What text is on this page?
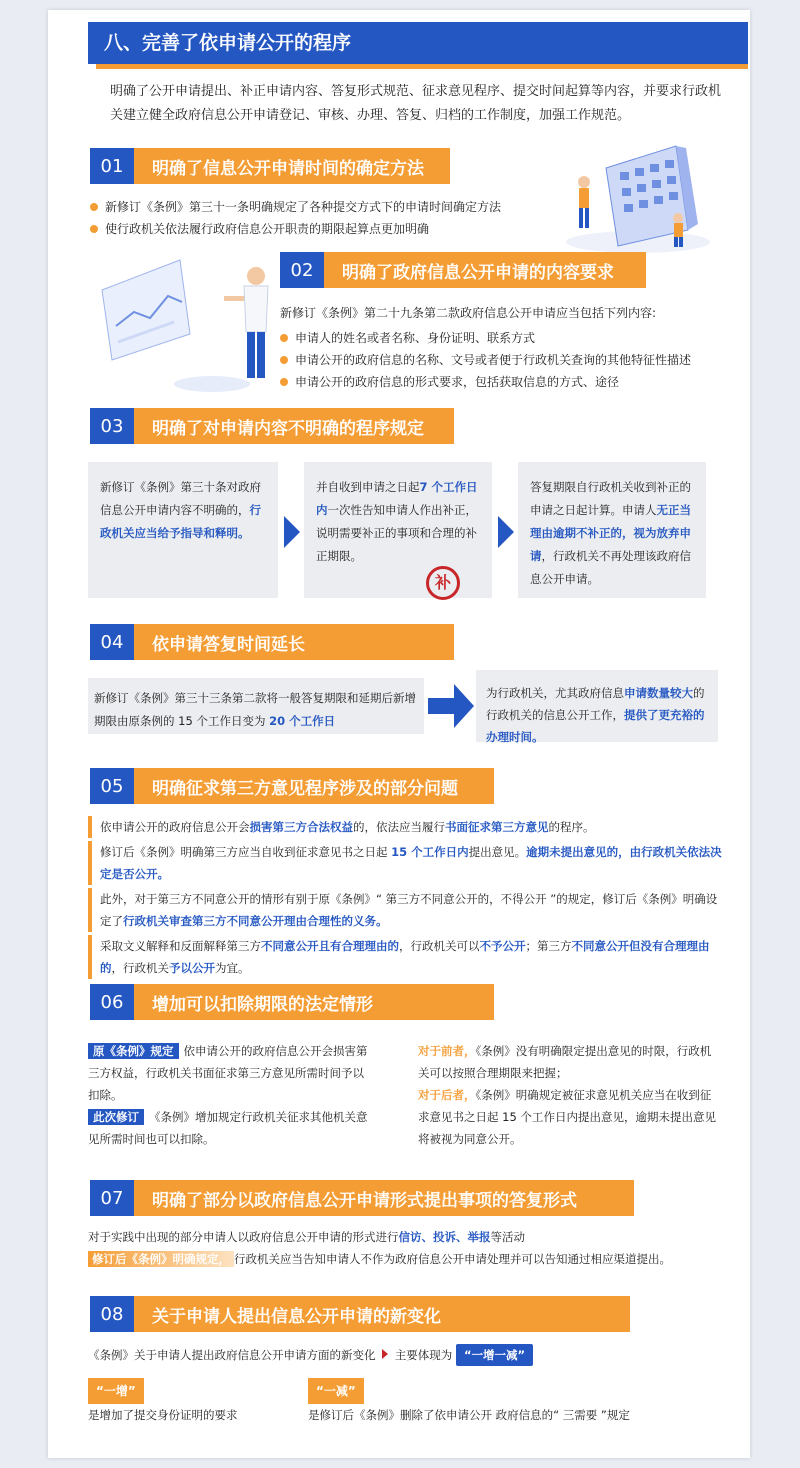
八、完善了依申请公开的程序
明确了公开申请提出、补正申请内容、答复形式规范、征求意见程序、提交时间起算等内容，并要求行政机关建立健全政府信息公开申请登记、审核、办理、答复、归档的工作制度，加强工作规范。
01	明确了信息公开申请时间的确定方法
新修订《条例》第三十一条明确规定了各种提交方式下的申请时间确定方法
使行政机关依法履行政府信息公开职责的期限起算点更加明确
02	明确了政府信息公开申请的内容要求
新修订《条例》第二十九条第二款政府信息公开申请应当包括下列内容:
申请人的姓名或者名称、身份证明、联系方式
申请公开的政府信息的名称、文号或者便于行政机关查询的其他特征性描述
申请公开的政府信息的形式要求，包括获取信息的方式、途径
03	明确了对申请内容不明确的程序规定
新修订《条例》第三十条对政府信息公开申请内容不明确的，行政机关应当给予指导和释明。
并自收到申请之日起7 个工作日内一次性告知申请人作出补正，说明需要补正的事项和合理的补正期限。
补
答复期限自行政机关收到补正的申请之日起计算。申请人无正当理由逾期不补正的，视为放弃申请，行政机关不再处理该政府信息公开申请。
04	依申请答复时间延长
新修订《条例》第三十三条第二款将一般答复期限和延期后新增期限由原条例的 15 个工作日变为 20 个工作日
为行政机关，尤其政府信息申请数量较大的行政机关的信息公开工作，提供了更充裕的办理时间。
05	明确征求第三方意见程序涉及的部分问题
依申请公开的政府信息公开会损害第三方合法权益的，依法应当履行书面征求第三方意见的程序。
修订后《条例》明确第三方应当自收到征求意见书之日起 15 个工作日内提出意见。逾期未提出意见的，由行政机关依法决定是否公开。
此外，对于第三方不同意公开的情形有别于原《条例》“ 第三方不同意公开的，不得公开 ”的规定，修订后《条例》明确设定了行政机关审查第三方不同意公开理由合理性的义务。
采取文义解释和反面解释第三方不同意公开且有合理理由的，行政机关可以不予公开；第三方不同意公开但没有合理理由的，行政机关予以公开为宜。
06	增加可以扣除期限的法定情形
原《条例》规定 依申请公开的政府信息公开会损害第三方权益，行政机关书面征求第三方意见所需时间予以扣除。
此次修订 《条例》增加规定行政机关征求其他机关意见所需时间也可以扣除。
对于前者，《条例》没有明确限定提出意见的时限，行政机关可以按照合理期限来把握；
对于后者，《条例》明确规定被征求意见机关应当在收到征求意见书之日起 15 个工作日内提出意见，逾期未提出意见将被视为同意公开。
07	明确了部分以政府信息公开申请形式提出事项的答复形式
对于实践中出现的部分申请人以政府信息公开申请的形式进行信访、投诉、举报等活动
修订后《条例》明确规定， 行政机关应当告知申请人不作为政府信息公开申请处理并可以告知通过相应渠道提出。
08	关于申请人提出信息公开申请的新变化
《条例》关于申请人提出政府信息公开申请方面的新变化 主要体现为 “一增一减”
“一增”
是增加了提交身份证明的要求
“一减”
是修订后《条例》删除了依申请公开 政府信息的“ 三需要 ”规定
